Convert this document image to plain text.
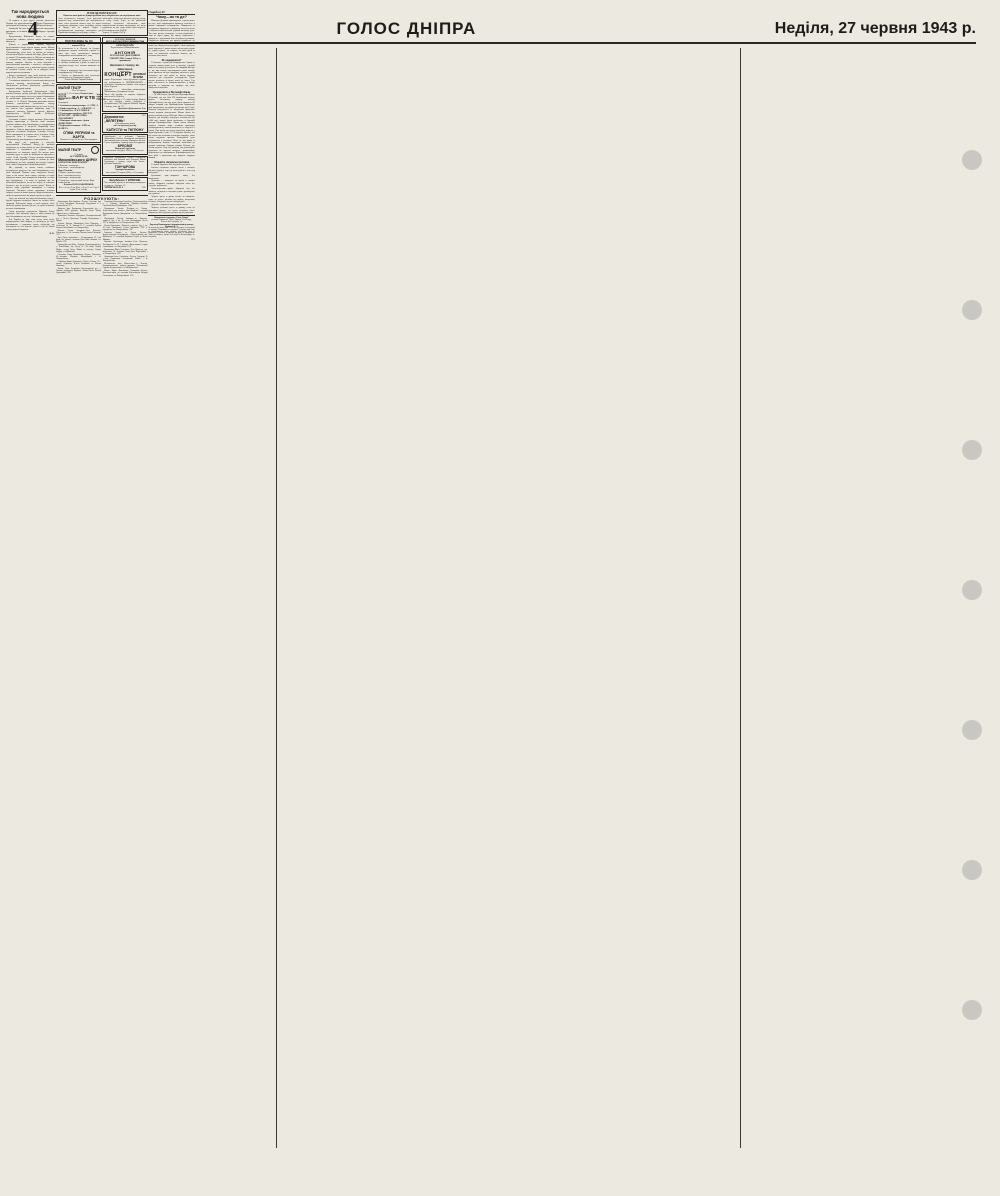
4	ГОЛОС ДНІПРА	Неділя, 27 червня 1943 р.
Так народжується нова людина

22 червня, в день другої річниці звільнення України від жидо-більшовизму, Відділ Пропаганди організував в Великому театрі ім. Шевченка мітинг.

Зовнішній бік зали був прикрашений німецькими прапорами та великим портретом Фюрера Адольфа Гітлера.

Представники Військової Влади та нашого суспільства зайняли почесні місця півколом на авансцені.

Дівчата в українському вбранні піднесли представникам влади букети живих квітів. Мітинг привітальною промовою відкрив заступник Гебітскомісара, після чого, як пролог до мітингу, письменник Шульга зачитав свій твір „Цього забути не можна“. В яскравих рисах п. Шульга змалював всі ті неподобства, які жидо-більшовики заподіяли нашому народові. Україна за часів боротьби з монгольськими навалами, з змаганні з татарами та турками і в останні часи у повстанні проти поляків не загубила стільки людей, як за двадцять років комуністичного панування.

Виступ церковного хору, який виконав кантату „Тебе, Бога, хвалим“, присутні вислухали стоячи.

З особливою цікавістю та захопленням вислухали присутні промову представників Влади, які запевнювали всебічно допомагати українському народові у відбудові країни.

Представник Російської Добровольчої Армії капітан Бокович зробив доповідь про добровольчий рух серед російського населення проти більшовиків та організацію Добровольчої Армії, яку очолює генерал А. А. Власов. Правдиво висвітлив капітан Бокович притиснення російського народу більшовиками, який віками прагнув до землі та волі, але замість того одержав жидівську кару. За знищення капітана Боковича заразна фронтах нараховується 700.000 вояків Російської Добровольчої Армії.

Особливої теплоти набула промова Начальника Відділу пропаганди п. Зейпеля, який закликав слухачів любити свою батьківщину та підтримувати її, не зраджуючи її інтересів. Наприкінці своєї промови п. Зейпель пропонував присутнім ухвалити надіслати телеграми Фюрерові Адольфу Гітлеру. Після зачитування та ухвали тексту телеграм з боку присутніх було її підписано і передано п. Гебітскомісару для відправки за призначенням.

Що дивує нас, українців, у виступах представників Німецької Влади,—це високий патріотизм, це велика любов до своєї батьківщини. І зовнішньо і внутрішньо ця віддана любов виявляється на кожному кроці. Ця висока риса людського духу не може не вплинути на присутніх в театрі. Геній Адольфа Гітлера виховав німецький народ в такій відданій пошані та любові до своєї батьківщини, до своїх традицій, що нагадує героїчні часи з життя стародавніх греків або римлян.

Ми, українці, не маємо такого глибокого всенародного почуття ні до своєї батьківщини, ні до своїх традицій. Причин тому знайдеться багато. Адже ж ми маємо свою славну сторінку в історії народного життя, коли доводилось боротися і за свою віру прадідівську і за мову та традиції під час польського панування, але це все забуто, не захоплює багатьох з нас, бо це було „колись, давно“. Потім, на протязі віків українців виховувано в іншому характері. Наслідки такого виховання великим тягарем лежать на нашій психіці. Жидо-більшовизм з своїм інтернаціоналом ще додав отрути до отрути.

Зараз ми вільний від жидо-більшовизму народ і будемо будувати культурне життя на засадах своїх традицій. Німецький народ в особі кращих своїх синів послужить зразком для нас, як треба ставитись до своєї батьківщини.

Своїм розумним керуванням Цивільна Влада допоможе нам виховати народ в такій пошані до своєї батьківщини, яку має і німецький народ.

Для України це буде нова епоха, коли почне народжуватись інша людина, не дістигнута до своєї батьківщини, з одинакою силою обов'язків, які покладають на нас життєві умови в той чи інший період нашого існування.

К. К.
ПОВІДОМЛЕННЯ
Відносно ловлі риби на Дніпрі протягом часу забороненого для перебування зовні
Знов встановлено випадки, коли риболови протягом часу, забороненого для перебування зовні, тобто протягом нічного часу, без нічної перепустки провадять свою ремісничу роботу на Дніпрі, або на лимані. Згідно з розпорядженням морського коменданта для Української всякий рух на Дніпрі, а також і
ловля риби, заборонені протягом часу від заходу до сходу сонця. Через це всі рибальські колгоспи зобов'язані забезпечити своїх співробітників нічними пропусками, які після одержання на них згоди мають бути вилучені. Гебітскомісар підп. РОДДЕ.
Херсон, 23 червня 1943 р.
ПОСТАНОВА № 84
Голови Херсонської Міської Управи від 19 червня 1943 р.
Як встановлено в м. Херсоні, на базарах провадиться продаж самогонної горілки та пива, при чому трапляються випадки захворювання після вживання їх, тому
н а к а з у ю:
1. Заборонити продаж на базарах м. Херсона та околиць самогонної горілки та пива як в окремому посуді, так і шляхом вживання на місці.
2. Винні в порушенні цієї постанови будуть оштрафовані до 1.000 карб.
3. Оплату за виконанням цієї постанови покладається на Управління базарів.
Голова Міської Управи Калайда
МАЛИЙ ТЕАТР
29 та 30 червня,
1, 2, 3 та 4 липня Тільки 6 днів
ГАСТРОЛІ АРТИСТІВ ХЕРСОНСЬКОГО ТЕАТРУ
ВАР'ЄТЕ
Художній керівник А. П. ГЛОБАЧЕВ
В програмі:
1. Ілюзіоністи-маніпулятори—2—ГРИ—2
2. Крафт-акробати—3—АЛЬБОРЕ—3
3. Силовий акт—БАСТАНЖІЄВ
4. Ексцентрик-акробати, „ВЕСЕЛІ КОЧЕГАРИ“—ДЕНИСЕНКО, ЛУКАШЕВИЧ.
5. Повітряна гімнастика—брати ДЕНИСЕНКО.
6. Буфонадна кловнада—БІЛЬ та ЖАНЕТА.
СПІВИ, РЕПРИЗИ та ЖАРТИ.
Початок о 6 год. 30 хв. веч. Каса відкрита.
МАЛИЙ ТЕАТР
27 червня
ОСТАННІЙ ДЕНЬ
Миколаївського ЦИРКУ
В ПРОГРАМІ НОВІ НОМЕРИ
2 Павлови—каскадери.
Нове антре—ексце-професор
Вахо і Олексіїв.
2 Юдіни—римські кільця,
Вахо—комічний жонглер.
Олександр—маніпулятор.
2 Склярента—карельський танець. Жарт
і інші номери.
В паузах ВАХО КОЖЕВНІКОВ.
Поч. о 6 год. 30 хв. Каса з 10 до 12 та з 3 до 6 годин 30 хв. вечора.
З БЛАГОСЛОВІННЯ
ЙОГО ВИСОКОПРЕОСВЯЩЕНСТВА
ВИСОКОПРЕОСВЯЩЕННОГО АРХІЄПИСКОПА
Херсонського й Миколаївського
АНТОНІЯ
ХЕРСОНСЬКЕ ДОБРОЧИННЕ ТОВАРИСТВО 4 липня 1943 р. в приміщенні
Великого театру ім. Шевченка
влаштовує
КОНЦЕРТ ДУХОВНОЇ МУЗИКИ
хором Херсонської Свято-Духівської церкви під керівництвом п. ІДЗИКОВСЬКОГО з допомогою запрошених співців з інш. церков міста Херсона.
Духовні піснеспіви—композиторів: Чайковського, Дехтярьова та інш.
Увесь збір надійде на користь бідніщого населення м. Херсона.
Початок концерту о 17 годині вечора. Квитки на цей концерт можна придбати в Доброчинному Т-ві (будинок Міської Управи, 2 поверх, кімн. № 17).
Правління Доброчинного Т-ва
Держмаєток „ВЕЛЕТЕНЬ“
1322
у Білозірському районі
має для продажу розсаду
КАПУСТИ та ТЮТЮНУ
Адміністрація та робітники Управління Дніпровського Рибного Господарства висловлюють свій глибокий жаль робітнику Управління Бресвого Сергію Андрійовичу з приводу смерті його дружини
БРЕСВОЇ
Матільди Георгієвни,
яка сталася 24 червня 1943 р. о 10 год. веч.
Управління Дніпровського Рибного Господарства висловлює свій глибокий жаль Гончарову Микиті Григоровичу з приводу смерті його батька—робітника Управління
ГОНЧАРОВА
Григорія Івановича,
яка сталася 23 червня 1943 р. о 10 г. ранку.
Загублено 7 КЛЮЧІВ.
Хто знайшов, прошу за винагороду повернути на адресу—Головна, 19,
ЧИЧИКАЙЛО М. І. 1328
РОЗШУКУЮТЬ:

Баранникова Віра Іванівна—Херсон, Склотара, буд. 23—сина Баранніков Олександр Федоровича в з. Новоросійськ. 1271

Капустін Іван Дмитрович—Херсонський р-н, с. Дар'ївка, МТС—дружину Капустін Ферлі Татяну Афанасьєвну з с. Криськової.

Чумаченко Меланка Федорівна—Голопристанський р-н, с. Келеґі—Чумаченка Тимофія Васильовича з Кубані.

Лубкіна Пріська Михайлівна—Гола Пристань, з Семенська, № 31. Бикалов П. С.—чоловіка Лубкіна Василя Олексійовича з м. Новоросійськ.

Піженко Тетяна Захарівна—Гола Пристань, Набережна, № 34—чоловіка Піженка Івана Гнатовича. 1273

Орел Ганна Апанасівна — Госпподарство 29, 1-ша філія, 4-а ділянка—чоловіка Орла Івана Яковича з м. Кубані. 1274

Спичка-Лисенко Юлія—Україна, Калагачицький р-н, с. Ново-Київка, від. Хутор, № 64—матір Спичку Марію, сестру Бреус Марію та невістку Спичку Одарку з ст. Кримської.

Сюсюкіна Ганна Михайлівна—Херсон, Вокзальна, 63—чоловіка Михайла Михайловича з м. Новоросійська.

Софійська Марія Дем'янівна—Херсон, Робоча, 16—батька Софійську Дем'ян Івановича та Ксенію Василівну.

Ваніна Лідія Олексіївна—Бериславський р-н, с. Раковка, держмаєток Юрківна—батька Ваніна Олексія Даниловича. 1283

Синянкіна Олександра Георгіївна—Бериславський р-н, с. Раковка, держмаєток Юрківна—чоловіка Синянкіна Івана Трохимовича. 1284

Пушкарьова Зінаїда Петрівна—ст. Риково, Генічеського р-ну, колгосп „Ново-Українка“—чоловіка Пушкарьова Василя Дмитровича з м. Новоросійська. 1285

Пономарьов Трохим Іванович—м. Нікополь, соцмісто, буд. 4, кв. 41—сина Пономарьова Євгена 1927 р. народження з м. Новоросійська. 1286

Батьки Григорович—Нікополь, соцмісто, буд. 5, кв. 38—сина Григорович Сергія Івановича 1926 р. народження з м. Новоросійська. 1287

Борисова Одарка та Лозіна Оксана—Березнеговатське господарство, с. Костянтинівка, вул. Куйбишева, 17—чоловіків Борисова Георгія та Лозіна Михайла.

Вероняк Олександра Іванівна—Гола Пристань, Господарство № 29, 5 ділянка—Красницького Андрія Апанасовича з ст. Натухаївки. 1350

Красницька Марія Семенівна—Гола Пристань, вул. Береговича, 79—чоловіка Скобу Івана Ларіоновича з ст. Новоросійськ. 1301

Фориамюк Олена Савельївна—Херсон, Суворова, 20—сина Форманюка Володимира Іллича з м. Новоросійська.

Мельниченко Іван Пантелеєвич—с. Бехтери, Голопристанського району—дружину Мельниченко Євдокію Климентьєвну з ст. Молдаванської.

Кваша Марія Каленіківна Григорівна—Херсон, Котельний пров., 4а—чоловіка Перепелиціна Хведора Степановича з м. Новоросійська. 1313

Ощаджуй!
Чому—як та де?

Німецька Держава прикладалася з давніх-давен до того, щоб підтримувати приватну власність в рамках народного господарства. Поширення та плекування ощадності в широкому колі населення в націонал-соціалістичній державі визначну роль. Так само мусить господарі і селяни українські в ходи на якусь думку, що праця, старанність і ощадність є підставами його посуваного розвитку. Ощадністю зберігаєш, що працею придбаєш—це німецьке прислів'я. Також українець повинен знати, що оплачується регулярно з свого прибутку певні відкласти і таким чином забезпечити подати на „чорну годину“, на старість, на своїх дітей та може на виконання особистих бажань, що є основою його життя.

Як ощаджувати?

У багатьох є гроші для заощадження. Однак не годиться ховати гроші десь у шухляді, грудний кишені або навіть у панчохах. Не говорячи вже про те, що при такому переховуванні гроші можуть легко пропасти чи через крадіжку чи вогонь, треба зазначити, що такі гроші не мають жодного значення для народного господарства. Гроші мусять котитися—в цьому пляні до банку. Там вони забезпечені та використовуються у формі кредитів, а ощадник ще одержує від своїх ощадностей відсотки.

Ощаджувати в Віртшафтсбанку

— Це наш лозунг. Організація Віртшафтсбанків (В-банків), що має біля 330 банківських контор, видала спеціальну ощадну книжку Віртшафтсбанку, яка має дуже цінні прикмети. Ці ощадні книжки сам Віртшафтсбанк видаватиме всім вкладникам, що принесуть вклади від 10 крб. Виплати ощадностей не підлягають практично взагалі жодним обмеженням. Можна брати без всяких оголошення до 2000 крб. Лише на побрання більших сум потрібне попереднє оголошення. До 5.000 крб. можна брати щомісячно в будьякій конторі Віртшафтсбанку. Таким чином власник ощадної книжки може готівкою практично розпоряджатися у кожній місцевості, не беручи її з собою. При цьому ще вклад приносить користь у формі відсотків, а саме 2 ½ % щорічно. Врешті, хто має щастя або особливо невигідно ощаджує, може також одержати премію. Заощаджені суми зберігаються в таємниці. Ніхто не має права їх контролювати. Банкові службовці зобов'язані до суворої мовчанки. Ощадна книжка В-банку дає тільки користь. Тому всі українці, що далекозорно дивляться на життєві питання, якнайскоріше звертаються до найближчого Віртшафтсбанку або його філії з проханням про видання ощадних книжок.

Збирайте лікувальні рослини

У червні збирають такі лікувальні рослини:

Блекота—збирають окремо листя і насіння; рослина отруйна, через це після роботи з нею слід мити руки.

Бузиновий цвіт—збирають квіти, без квітоножок.

Волошки — поширені як бур'ян в озимих хлібах; збирають зовнішні лійкуваті квіти без середніх трубчастих.

Золототисячник—трава; збирають під час цвітіння, зв'язують в невеликі пучки і розвішують для сушіння.

Зуброзі—росте в диких степах та обочинах, горах та лугах; зрізають під корінь, вилучають метлиці, зв'язують у пучки і висушують.

Деревій—збирають окремо квіти і листя.

Чебрець (чебчик)—росте в дикому стані по невеликих кручах, по сухих соснових лісах. Збирається вся надземна частина під час цвітіння.

Видавництво і друкарня „Голос Дніпра“
установа Товариства „Преса України“ в обл. відд., Херсон, вул. Суворова, 14.
Директор Видавництва і відповідальний редактор:
Курінний К. А.
На оголошення заказні цінні Ч.І. за зміст оголошень і стан редакції не відповідає. Видавництво не відповідає. У випадку вищої сили, як унеможливлення виходу часопису, абонементна плата не повертається. Рукописи, не прийняті для друку, не повертаються. Листи, що пишуться, повинні бути подані в належній формі, без повертання.
2972
